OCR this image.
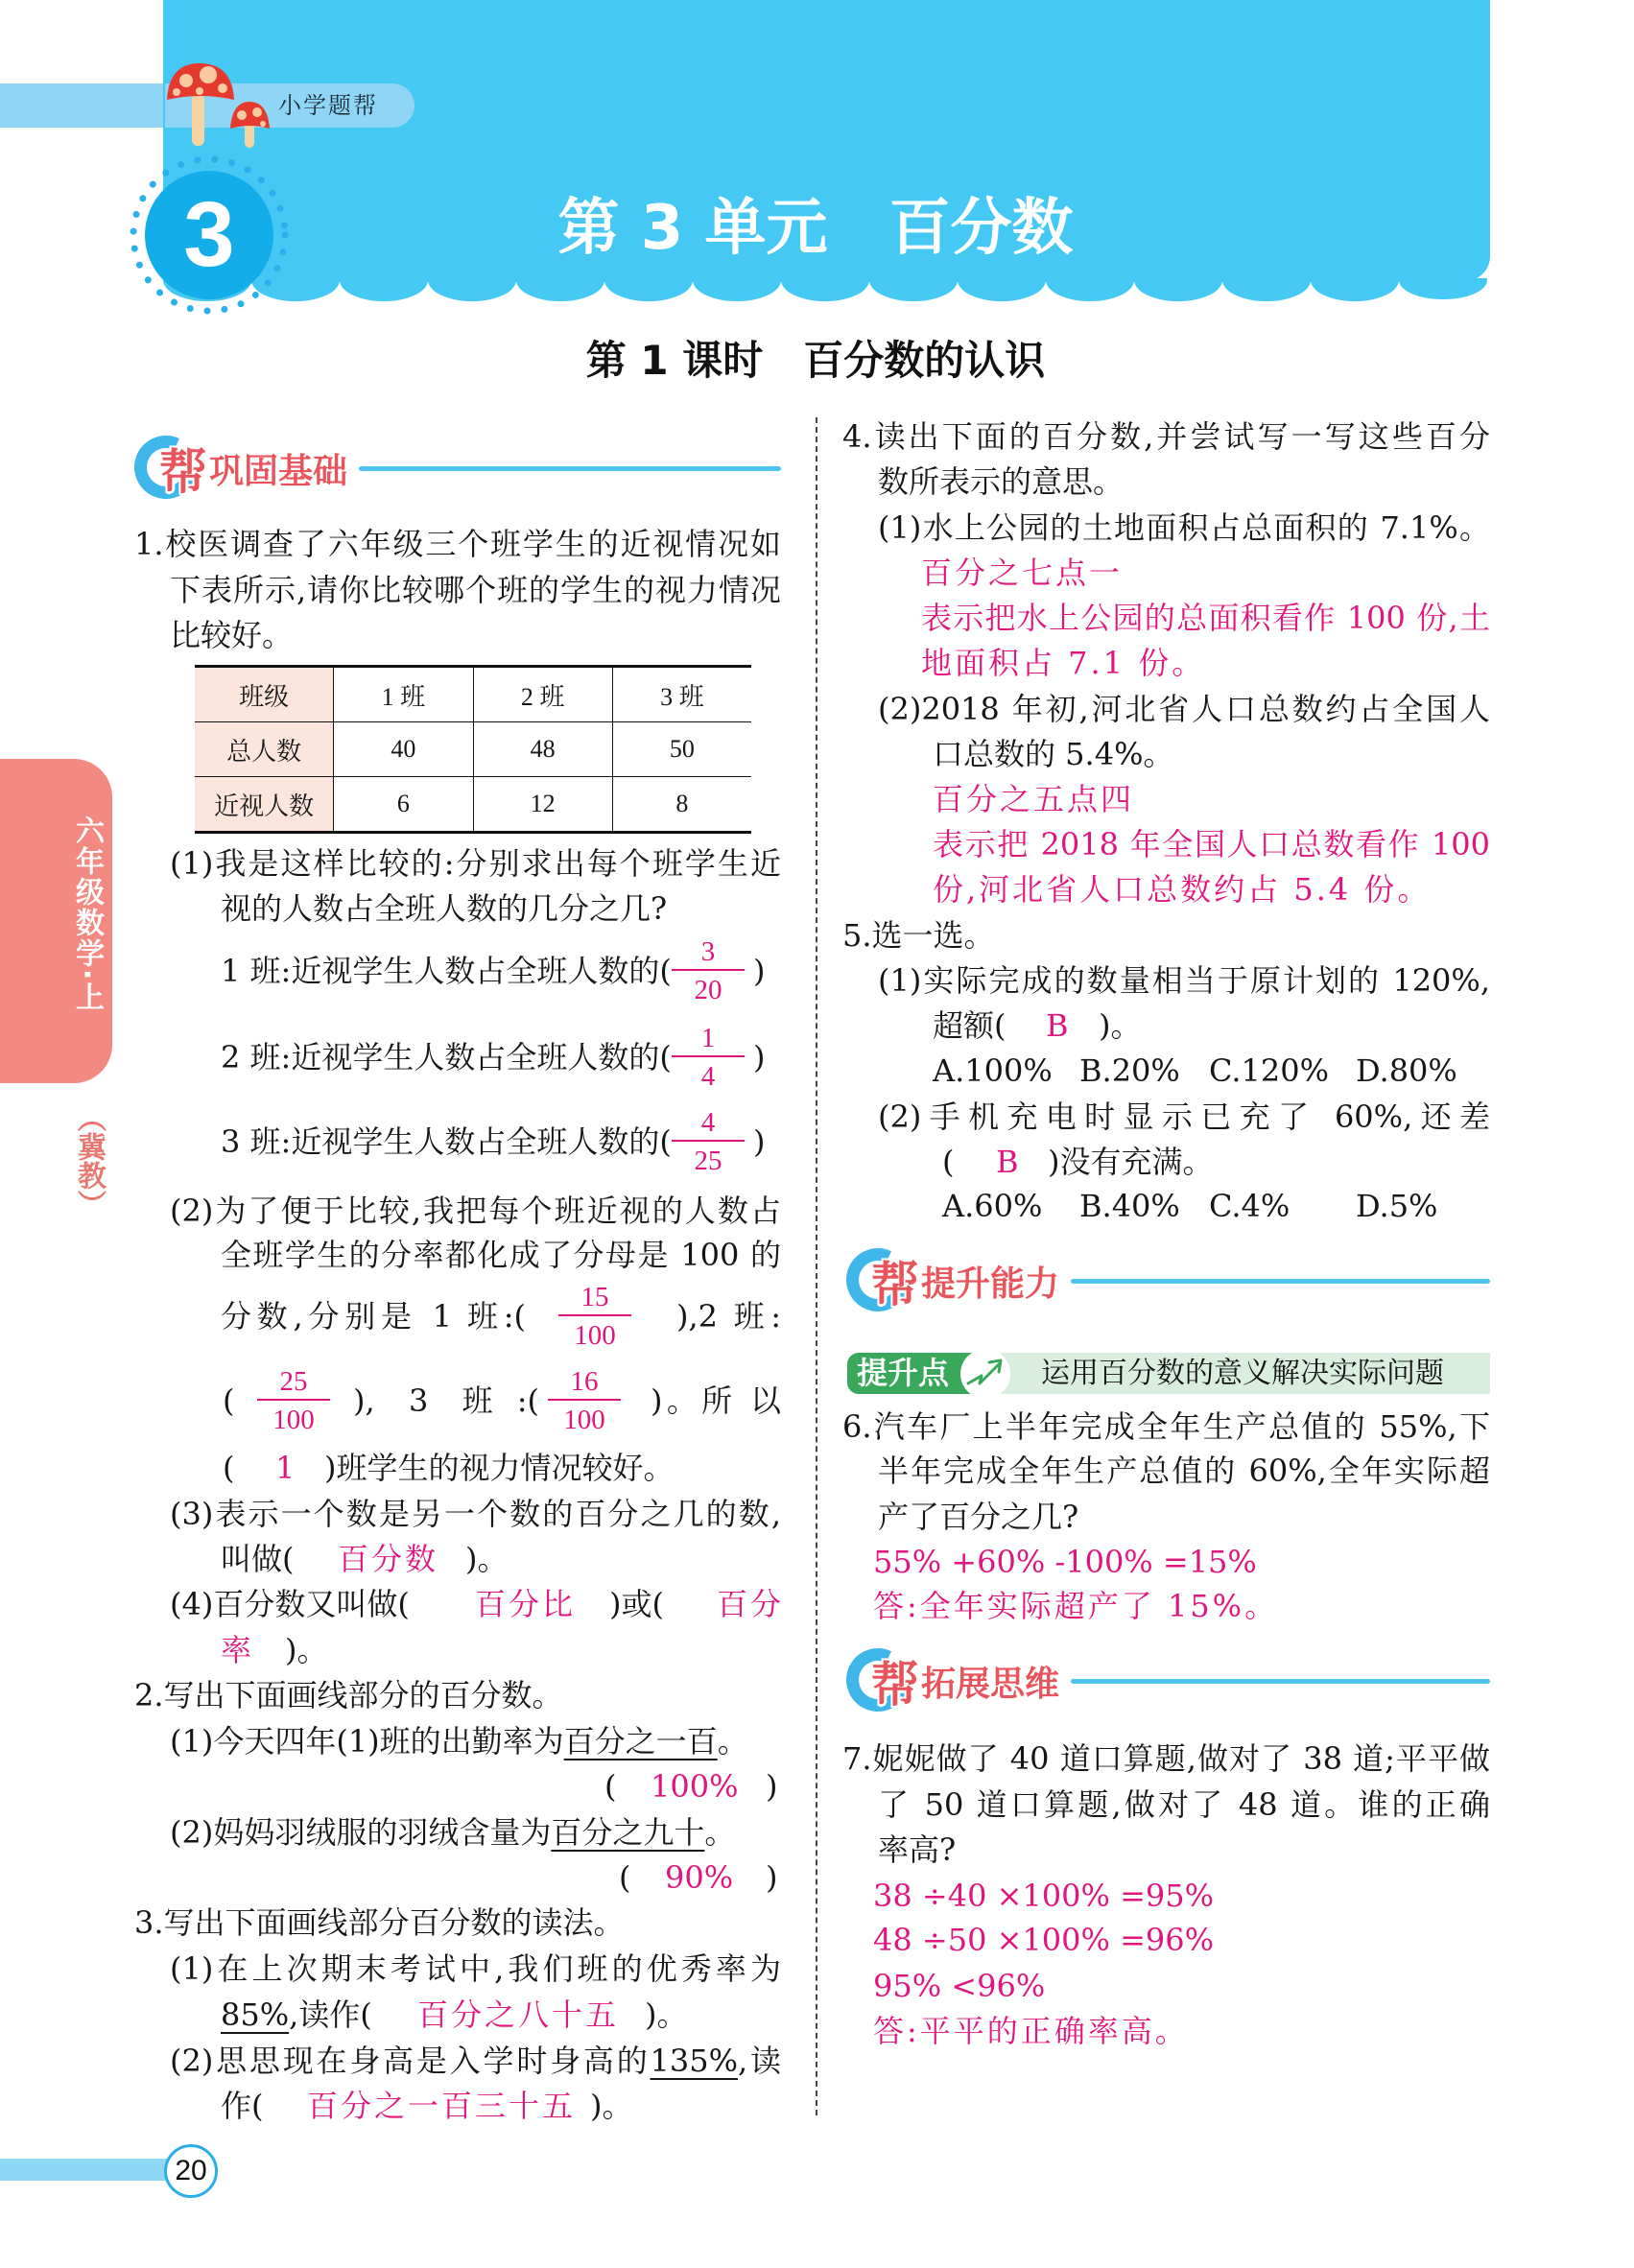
小学题帮
3	第 3 单元　百分数
第 1 课时　百分数的认识
六年级数学·上
（冀教）
帮 巩固基础
1.校医调查了六年级三个班学生的近视情况如
下表所示,请你比较哪个班的学生的视力情况
比较好。
班级	1 班	2 班	3 班
总人数	40	48	50
近视人数	6	12	8
(1)我是这样比较的:分别求出每个班学生近
视的人数占全班人数的几分之几?
1 班:近视学生人数占全班人数的( $\frac{3}{20}$ )
2 班:近视学生人数占全班人数的( $\frac{1}{4}$ )
3 班:近视学生人数占全班人数的( $\frac{4}{25}$ )
(2)为了便于比较,我把每个班近视的人数占
全班学生的分率都化成了分母是 100 的
分数,分别是 1 班:( $\frac{15}{100} ),2$ 班:
( $\frac{25}{100}$ ), 3 班:( $\frac{16}{100}$ )。所 以
( 1 )班学生的视力情况较好。
(3)表示一个数是另一个数的百分之几的数,
叫做( 百分数 )。
(4)百分数又叫做( 百分比 )或( 百分
率 )。
2.写出下面画线部分的百分数。
(1)今天四年(1)班的出勤率为百分之一百。
( 100% )
(2)妈妈羽绒服的羽绒含量为百分之九十。
( 90% )
3.写出下面画线部分百分数的读法。
(1)在上次期末考试中,我们班的优秀率为
85%,读作( 百分之八十五 )。
(2)思思现在身高是入学时身高的135%,读
作( 百分之一百三十五 )。
4.读出下面的百分数,并尝试写一写这些百分
数所表示的意思。
(1)水上公园的土地面积占总面积的 7.1%。
百分之七点一
表示把水上公园的总面积看作 100 份,土
地面积占 7.1 份。
(2)2018 年初,河北省人口总数约占全国人
口总数的 5.4%。
百分之五点四
表示把 2018 年全国人口总数看作 100
份,河北省人口总数约占 5.4 份。
5.选一选。
(1)实际完成的数量相当于原计划的 120%,
超额( B )。
A.100% B.20% C.120% D.80%
(2)手机充电时显示已充了 60%,还差
( B )没有充满。
A.60% B.40% C.4% D.5%
帮 提升能力
提升点	运用百分数的意义解决实际问题
6.汽车厂上半年完成全年生产总值的 55%,下
半年完成全年生产总值的 60%,全年实际超
产了百分之几?
55% +60% -100% =15%
答:全年实际超产了 15%。
帮 拓展思维
7.妮妮做了 40 道口算题,做对了 38 道;平平做
了 50 道口算题,做对了 48 道。谁的正确
率高?
38 ÷40 ×100% =95%
48 ÷50 ×100% =96%
95% <96%
答:平平的正确率高。
20
